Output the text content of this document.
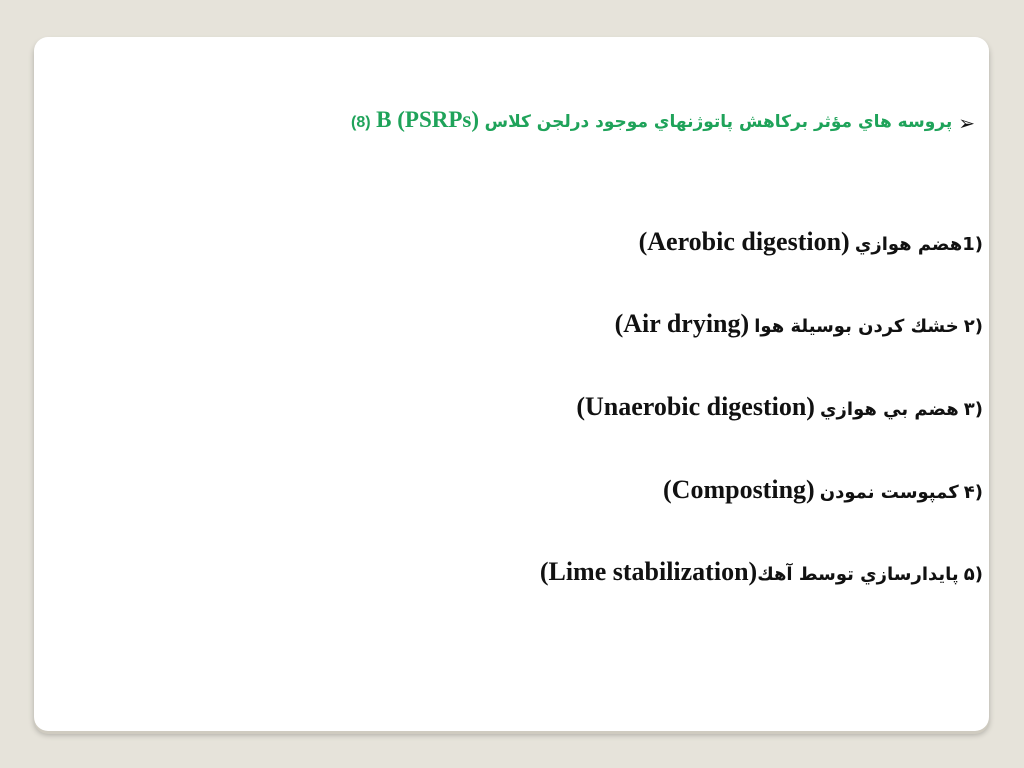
➢پروسه هاي مؤثر بركاهش پاتوژنهاي موجود درلجن كلاس B (PSRPs) (8)
1)هضم هوازي (Aerobic digestion)
۲) خشك كردن بوسيلة هوا (Air drying)
۳) هضم بي هوازي (Unaerobic digestion)
۴) كمپوست نمودن (Composting)
۵) پايدارسازي توسط آهك(Lime stabilization)
